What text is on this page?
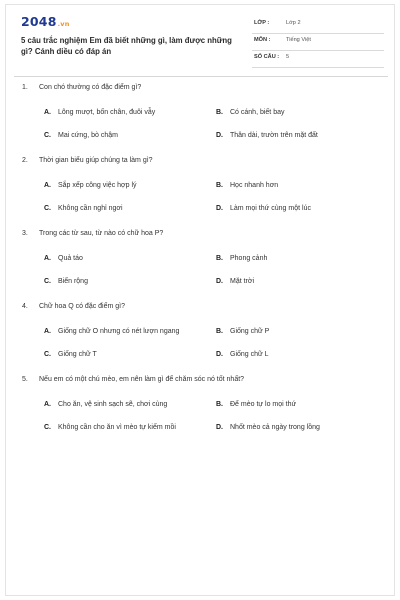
2048.vn
5 câu trắc nghiệm Em đã biết những gì, làm được những gì? Cánh diều có đáp án
LỚP :	Lớp 2
MÔN :	Tiếng Việt
SỐ CÂU : 5
1. Con chó thường có đặc điểm gì?
A. Lông mượt, bốn chân, đuôi vẫy	B. Có cánh, biết bay
C. Mai cứng, bò chậm	D. Thân dài, trườn trên mặt đất
2. Thời gian biểu giúp chúng ta làm gì?
A. Sắp xếp công việc hợp lý	B. Học nhanh hơn
C. Không cần nghỉ ngơi	D. Làm mọi thứ cùng một lúc
3. Trong các từ sau, từ nào có chữ hoa P?
A. Quả táo	B. Phong cảnh
C. Biển rộng	D. Mặt trời
4. Chữ hoa Q có đặc điểm gì?
A. Giống chữ O nhưng có nét lượn ngang	B. Giống chữ P
C. Giống chữ T	D. Giống chữ L
5. Nếu em có một chú mèo, em nên làm gì để chăm sóc nó tốt nhất?
A. Cho ăn, vệ sinh sạch sẽ, chơi cùng	B. Để mèo tự lo mọi thứ
C. Không cần cho ăn vì mèo tự kiếm mồi	D. Nhốt mèo cả ngày trong lồng
